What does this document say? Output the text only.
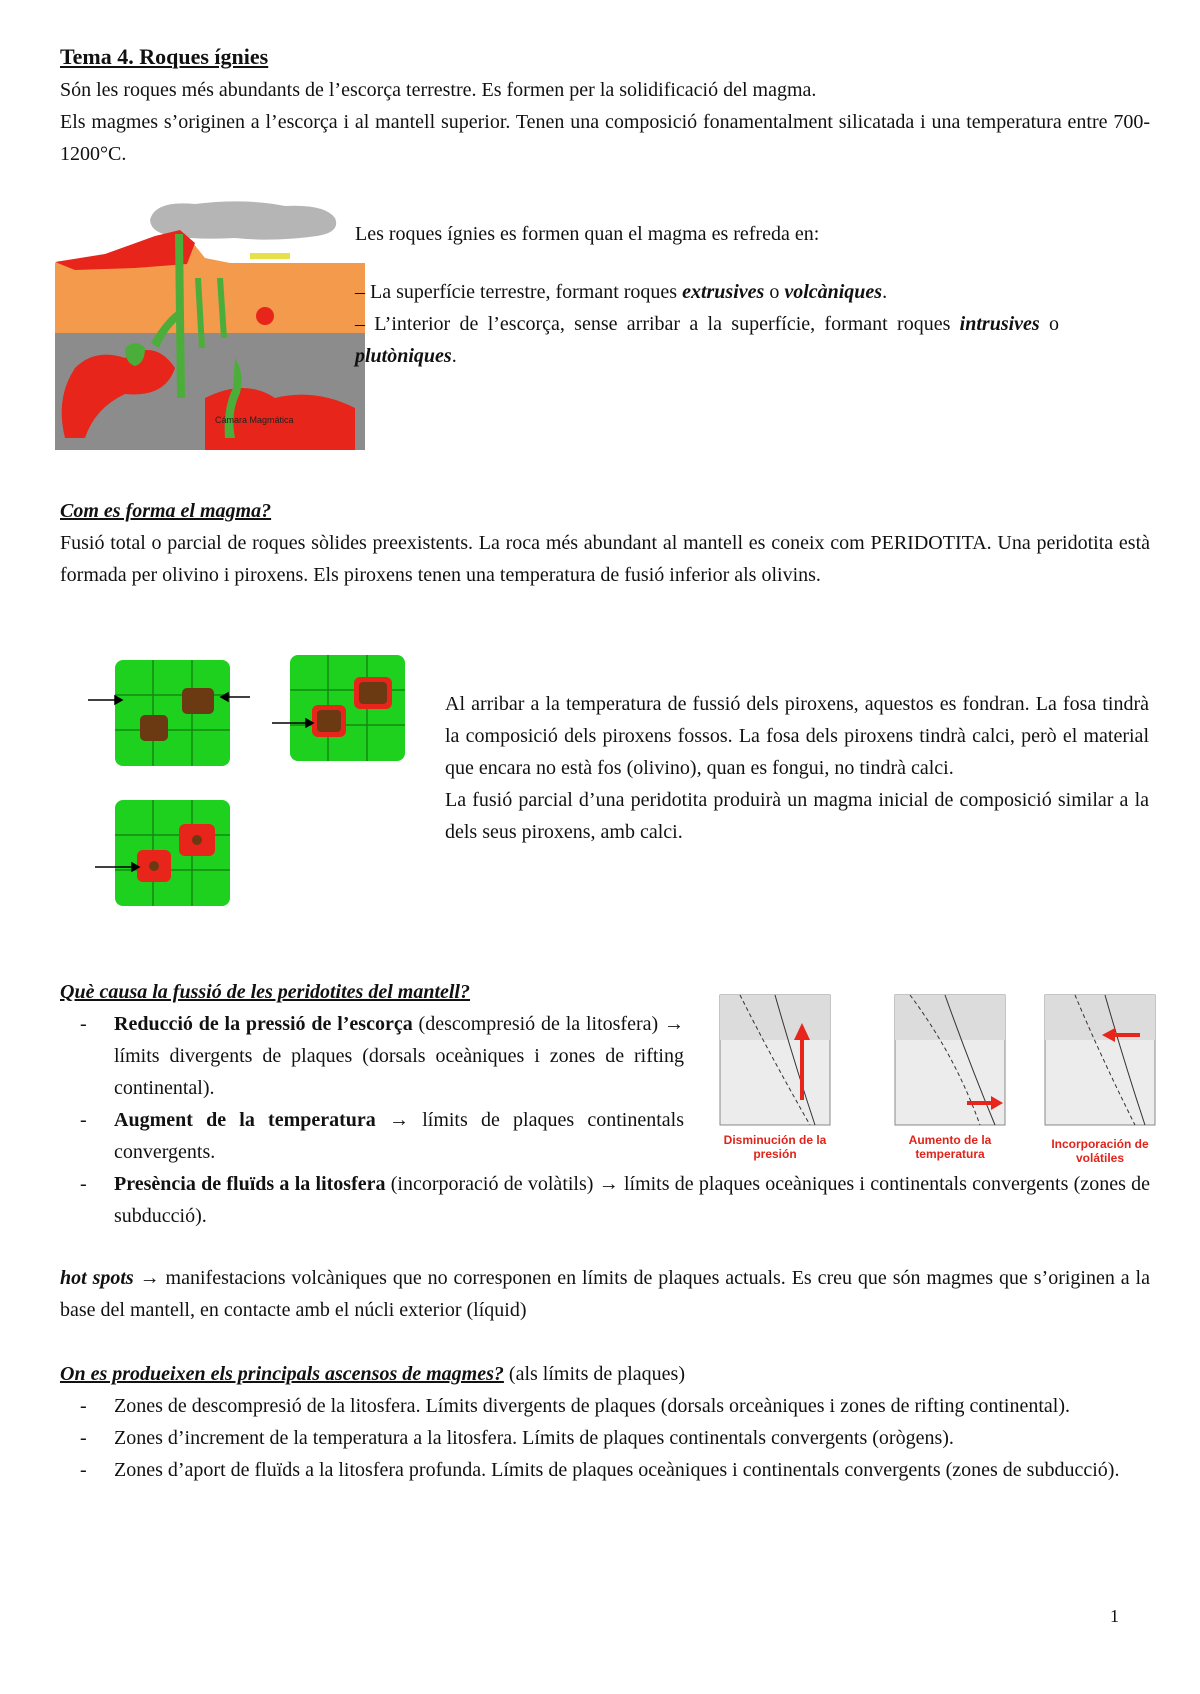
Tema 4. Roques ígnies

Són les roques més abundants de l’escorça terrestre. Es formen per la solidificació del magma.

Els magmes s’originen a l’escorça i al mantell superior. Tenen una composició fonamentalment silicatada i una temperatura entre 700-1200°C.

Cámara Magmática

Les roques ígnies es formen quan el magma es refreda en:

– La superfície terrestre, formant roques extrusives o volcàniques.

– L’interior de l’escorça, sense arribar a la superfície, formant roques intrusives o plutòniques.

Com es forma el magma?

Fusió total o parcial de roques sòlides preexistents. La roca més abundant al mantell es coneix com PERIDOTITA. Una peridotita està formada per olivino i piroxens. Els piroxens tenen una temperatura de fusió inferior als olivins.

Al arribar a la temperatura de fussió dels piroxens, aquestos es fondran. La fosa tindrà la composició dels piroxens fossos. La fosa dels piroxens tindrà calci, però el material que encara no està fos (olivino), quan es fongui, no tindrà calci.

La fusió parcial d’una peridotita produirà un magma inicial de composició similar a la dels seus piroxens, amb calci.

Què causa la fussió de les peridotites del mantell?

- Reducció de la pressió de l’escorça (descompresió de la litosfera) → límits divergents de plaques (dorsals oceàniques i zones de rifting continental).
- Augment de la temperatura → límits de plaques continentals convergents.
- Presència de fluïds a la litosfera (incorporació de volàtils) → límits de plaques oceàniques i continentals convergents (zones de subducció).
Disminución de la presión
Aumento de la temperatura
Incorporación de volátiles

hot spots → manifestacions volcàniques que no corresponen en límits de plaques actuals. Es creu que són magmes que s’originen a la base del mantell, en contacte amb el núcli exterior (líquid)

On es produeixen els principals ascensos de magmes? (als límits de plaques)

- Zones de descompresió de la litosfera. Límits divergents de plaques (dorsals orceàniques i zones de rifting continental).
- Zones d’increment de la temperatura a la litosfera. Límits de plaques continentals convergents (orògens).
- Zones d’aport de fluïds a la litosfera profunda. Límits de plaques oceàniques i continentals convergents (zones de subducció).
1
